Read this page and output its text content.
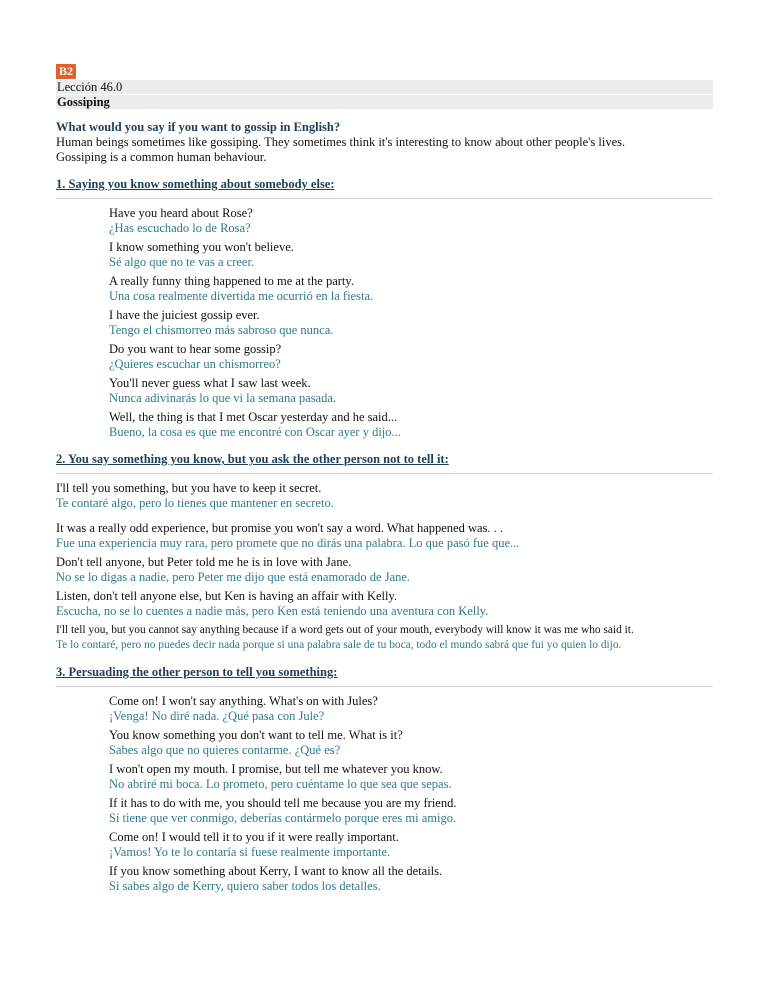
B2
Lección 46.0
Gossiping
What would you say if you want to gossip in English?
Human beings sometimes like gossiping. They sometimes think it's interesting to know about other people's lives.
Gossiping is a common human behaviour.
1. Saying you know something about somebody else:
Have you heard about Rose?
¿Has escuchado lo de Rosa?
I know something you won't believe.
Sé algo que no te vas a creer.
A really funny thing happened to me at the party.
Una cosa realmente divertida me ocurrió en la fiesta.
I have the juiciest gossip ever.
Tengo el chismorreo más sabroso que nunca.
Do you want to hear some gossip?
¿Quieres escuchar un chismorreo?
You'll never guess what I saw last week.
Nunca adivinarás lo que vi la semana pasada.
Well, the thing is that I met Oscar yesterday and he said...
Bueno, la cosa es que me encontré con Oscar ayer y dijo...
2. You say something you know, but you ask the other person not to tell it:
I'll tell you something, but you have to keep it secret.
Te contaré algo, pero lo tienes que mantener en secreto.
It was a really odd experience, but promise you won't say a word. What happened was. . .
Fue una experiencia muy rara, pero promete que no dirás una palabra. Lo que pasó fue que...
Don't tell anyone, but Peter told me he is in love with Jane.
No se lo digas a nadie, pero Peter me dijo que está enamorado de Jane.
Listen, don't tell anyone else, but Ken is having an affair with Kelly.
Escucha, no se lo cuentes a nadie más, pero Ken está teniendo una aventura con Kelly.
I'll tell you, but you cannot say anything because if a word gets out of your mouth, everybody will know it was me who said it.
Te lo contaré, pero no puedes decir nada porque si una palabra sale de tu boca, todo el mundo sabrá que fui yo quien lo dijo.
3. Persuading the other person to tell you something:
Come on! I won't say anything. What's on with Jules?
¡Venga! No diré nada. ¿Qué pasa con Jule?
You know something you don't want to tell me. What is it?
Sabes algo que no quieres contarme. ¿Qué es?
I won't open my mouth. I promise, but tell me whatever you know.
No abriré mi boca. Lo prometo, pero cuéntame lo que sea que sepas.
If it has to do with me, you should tell me because you are my friend.
Si tiene que ver conmigo, deberías contármelo porque eres mi amigo.
Come on! I would tell it to you if it were really important.
¡Vamos! Yo te lo contaría si fuese realmente importante.
If you know something about Kerry, I want to know all the details.
Si sabes algo de Kerry, quiero saber todos los detalles.
